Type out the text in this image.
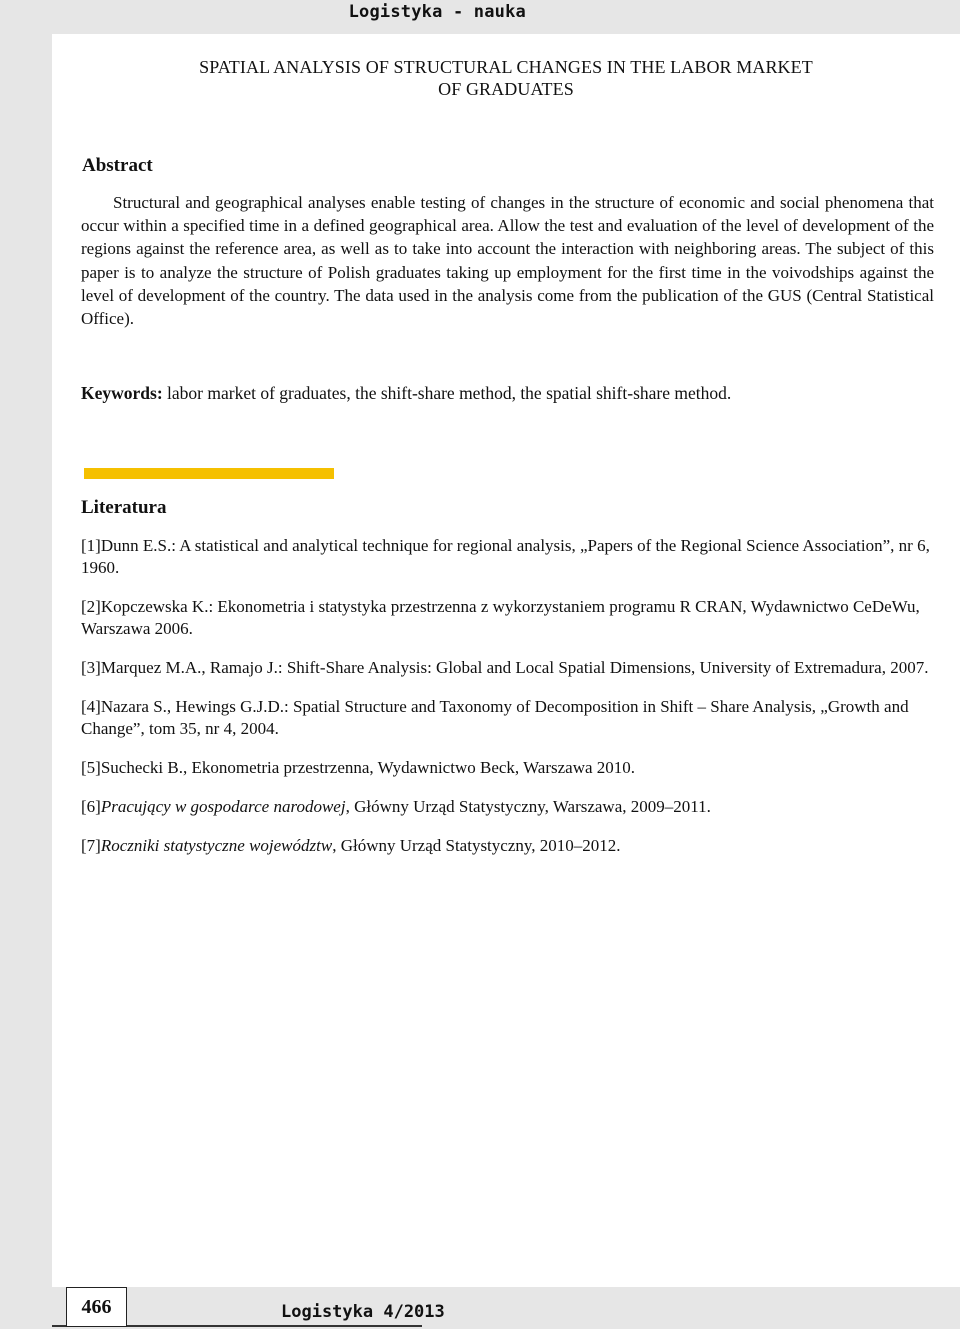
Logistyka - nauka
SPATIAL ANALYSIS OF STRUCTURAL CHANGES IN THE LABOR MARKET
OF GRADUATES
Abstract

Structural and geographical analyses enable testing of changes in the structure of economic and social phenomena that occur within a specified time in a defined geographical area. Allow the test and evaluation of the level of development of the regions against the reference area, as well as to take into account the interaction with neighboring areas. The subject of this paper is to analyze the structure of Polish graduates taking up employment for the first time in the voivodships against the level of development of the country. The data used in the analysis come from the publication of the GUS (Central Statistical Office).

Keywords: labor market of graduates, the shift-share method, the spatial shift-share method.
Literatura
[1]Dunn E.S.: A statistical and analytical technique for regional analysis, „Papers of the Regional Science Association”, nr 6, 1960.
[2]Kopczewska K.: Ekonometria i statystyka przestrzenna z wykorzystaniem programu R CRAN, Wydawnictwo CeDeWu, Warszawa 2006.
[3]Marquez M.A., Ramajo J.: Shift-Share Analysis: Global and Local Spatial Dimensions, University of Extremadura, 2007.
[4]Nazara S., Hewings G.J.D.: Spatial Structure and Taxonomy of Decomposition in Shift – Share Analysis, „Growth and Change”, tom 35, nr 4, 2004.
[5]Suchecki B., Ekonometria przestrzenna, Wydawnictwo Beck, Warszawa 2010.
[6]Pracujący w gospodarce narodowej, Główny Urząd Statystyczny, Warszawa, 2009–2011.
[7]Roczniki statystyczne województw, Główny Urząd Statystyczny, 2010–2012.
466	Logistyka 4/2013
